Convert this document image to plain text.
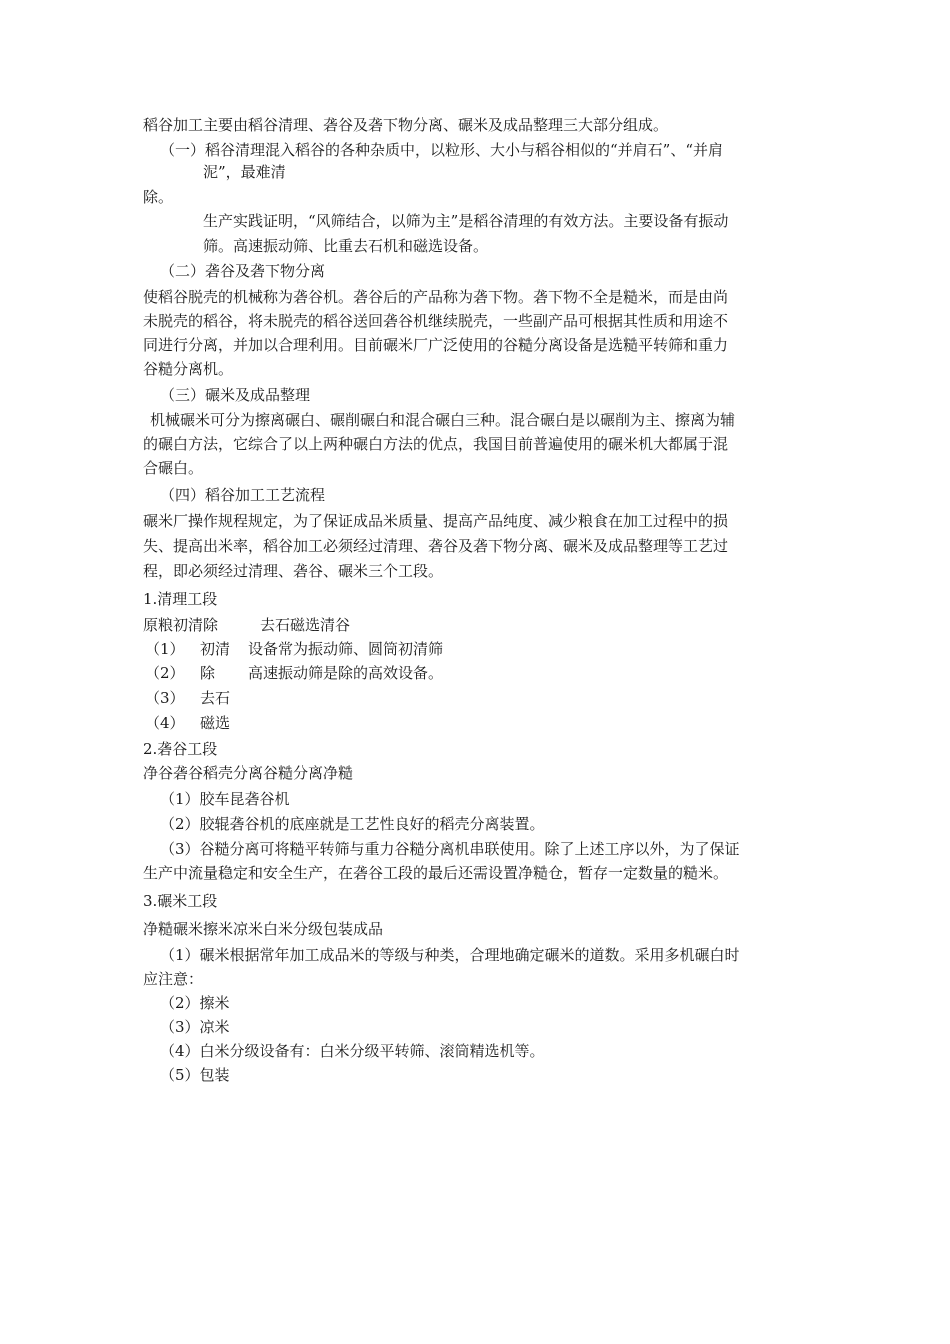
稻谷加工主要由稻谷清理、砻谷及砻下物分离、碾米及成品整理三大部分组成。
（一）稻谷清理混入稻谷的各种杂质中，以粒形、大小与稻谷相似的“并肩石”、“并肩
泥”，最难清
除。
生产实践证明，“风筛结合，以筛为主”是稻谷清理的有效方法。主要设备有振动
筛。高速振动筛、比重去石机和磁选设备。
（二）砻谷及砻下物分离
使稻谷脱壳的机械称为砻谷机。砻谷后的产品称为砻下物。砻下物不全是糙米，而是由尚
未脱壳的稻谷，将未脱壳的稻谷送回砻谷机继续脱壳，一些副产品可根据其性质和用途不
同进行分离，并加以合理利用。目前碾米厂广泛使用的谷糙分离设备是选糙平转筛和重力
谷糙分离机。
（三）碾米及成品整理
机械碾米可分为擦离碾白、碾削碾白和混合碾白三种。混合碾白是以碾削为主、擦离为辅
的碾白方法，它综合了以上两种碾白方法的优点，我国目前普遍使用的碾米机大都属于混
合碾白。
（四）稻谷加工工艺流程
碾米厂操作规程规定，为了保证成品米质量、提高产品纯度、减少粮食在加工过程中的损
失、提高出米率，稻谷加工必须经过清理、砻谷及砻下物分离、碾米及成品整理等工艺过
程，即必须经过清理、砻谷、碾米三个工段。
1.清理工段
原粮初清除	去石磁选清谷
（1） 初清 设备常为振动筛、圆筒初清筛
（2） 除 高速振动筛是除的高效设备。
（3） 去石
（4） 磁选
2.砻谷工段
净谷砻谷稻壳分离谷糙分离净糙
（1）胶车昆砻谷机
（2）胶辊砻谷机的底座就是工艺性良好的稻壳分离装置。
（3）谷糙分离可将糙平转筛与重力谷糙分离机串联使用。除了上述工序以外，为了保证
生产中流量稳定和安全生产，在砻谷工段的最后还需设置净糙仓，暂存一定数量的糙米。
3.碾米工段
净糙碾米擦米凉米白米分级包装成品
（1）碾米根据常年加工成品米的等级与种类，合理地确定碾米的道数。采用多机碾白时
应注意：
（2）擦米
（3）凉米
（4）白米分级设备有：白米分级平转筛、滚筒精选机等。
（5）包装
